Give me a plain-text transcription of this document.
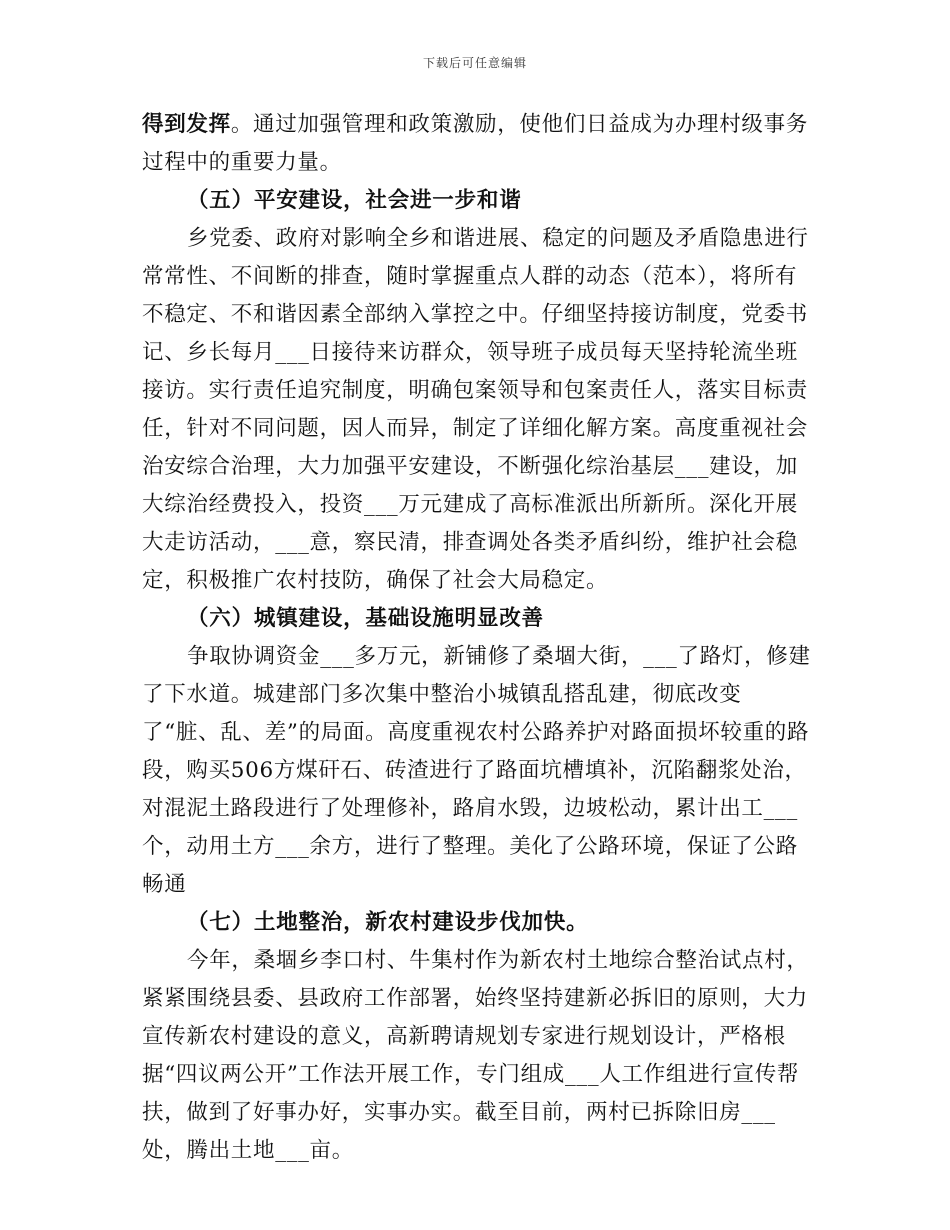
下载后可任意编辑

得到发挥。通过加强管理和政策激励，使他们日益成为办理村级事务过程中的重要力量。

（五）平安建设，社会进一步和谐

乡党委、政府对影响全乡和谐进展、稳定的问题及矛盾隐患进行常常性、不间断的排查，随时掌握重点人群的动态（范本），将所有不稳定、不和谐因素全部纳入掌控之中。仔细坚持接访制度，党委书记、乡长每月___日接待来访群众，领导班子成员每天坚持轮流坐班接访。实行责任追究制度，明确包案领导和包案责任人，落实目标责任，针对不同问题，因人而异，制定了详细化解方案。高度重视社会治安综合治理，大力加强平安建设，不断强化综治基层___建设，加大综治经费投入，投资___万元建成了高标准派出所新所。深化开展大走访活动，___意，察民清，排查调处各类矛盾纠纷，维护社会稳定，积极推广农村技防，确保了社会大局稳定。

（六）城镇建设，基础设施明显改善

争取协调资金___多万元，新铺修了桑堌大街，___了路灯，修建了下水道。城建部门多次集中整治小城镇乱搭乱建，彻底改变了“脏、乱、差”的局面。高度重视农村公路养护对路面损坏较重的路段，购买506方煤矸石、砖渣进行了路面坑槽填补，沉陷翻浆处治，对混泥土路段进行了处理修补，路肩水毁，边坡松动，累计出工___个，动用土方___余方，进行了整理。美化了公路环境，保证了公路畅通

（七）土地整治，新农村建设步伐加快。

今年，桑堌乡李口村、牛集村作为新农村土地综合整治试点村，紧紧围绕县委、县政府工作部署，始终坚持建新必拆旧的原则，大力宣传新农村建设的意义，高新聘请规划专家进行规划设计，严格根据“四议两公开”工作法开展工作，专门组成___人工作组进行宣传帮扶，做到了好事办好，实事办实。截至目前，两村已拆除旧房___处，腾出土地___亩。
